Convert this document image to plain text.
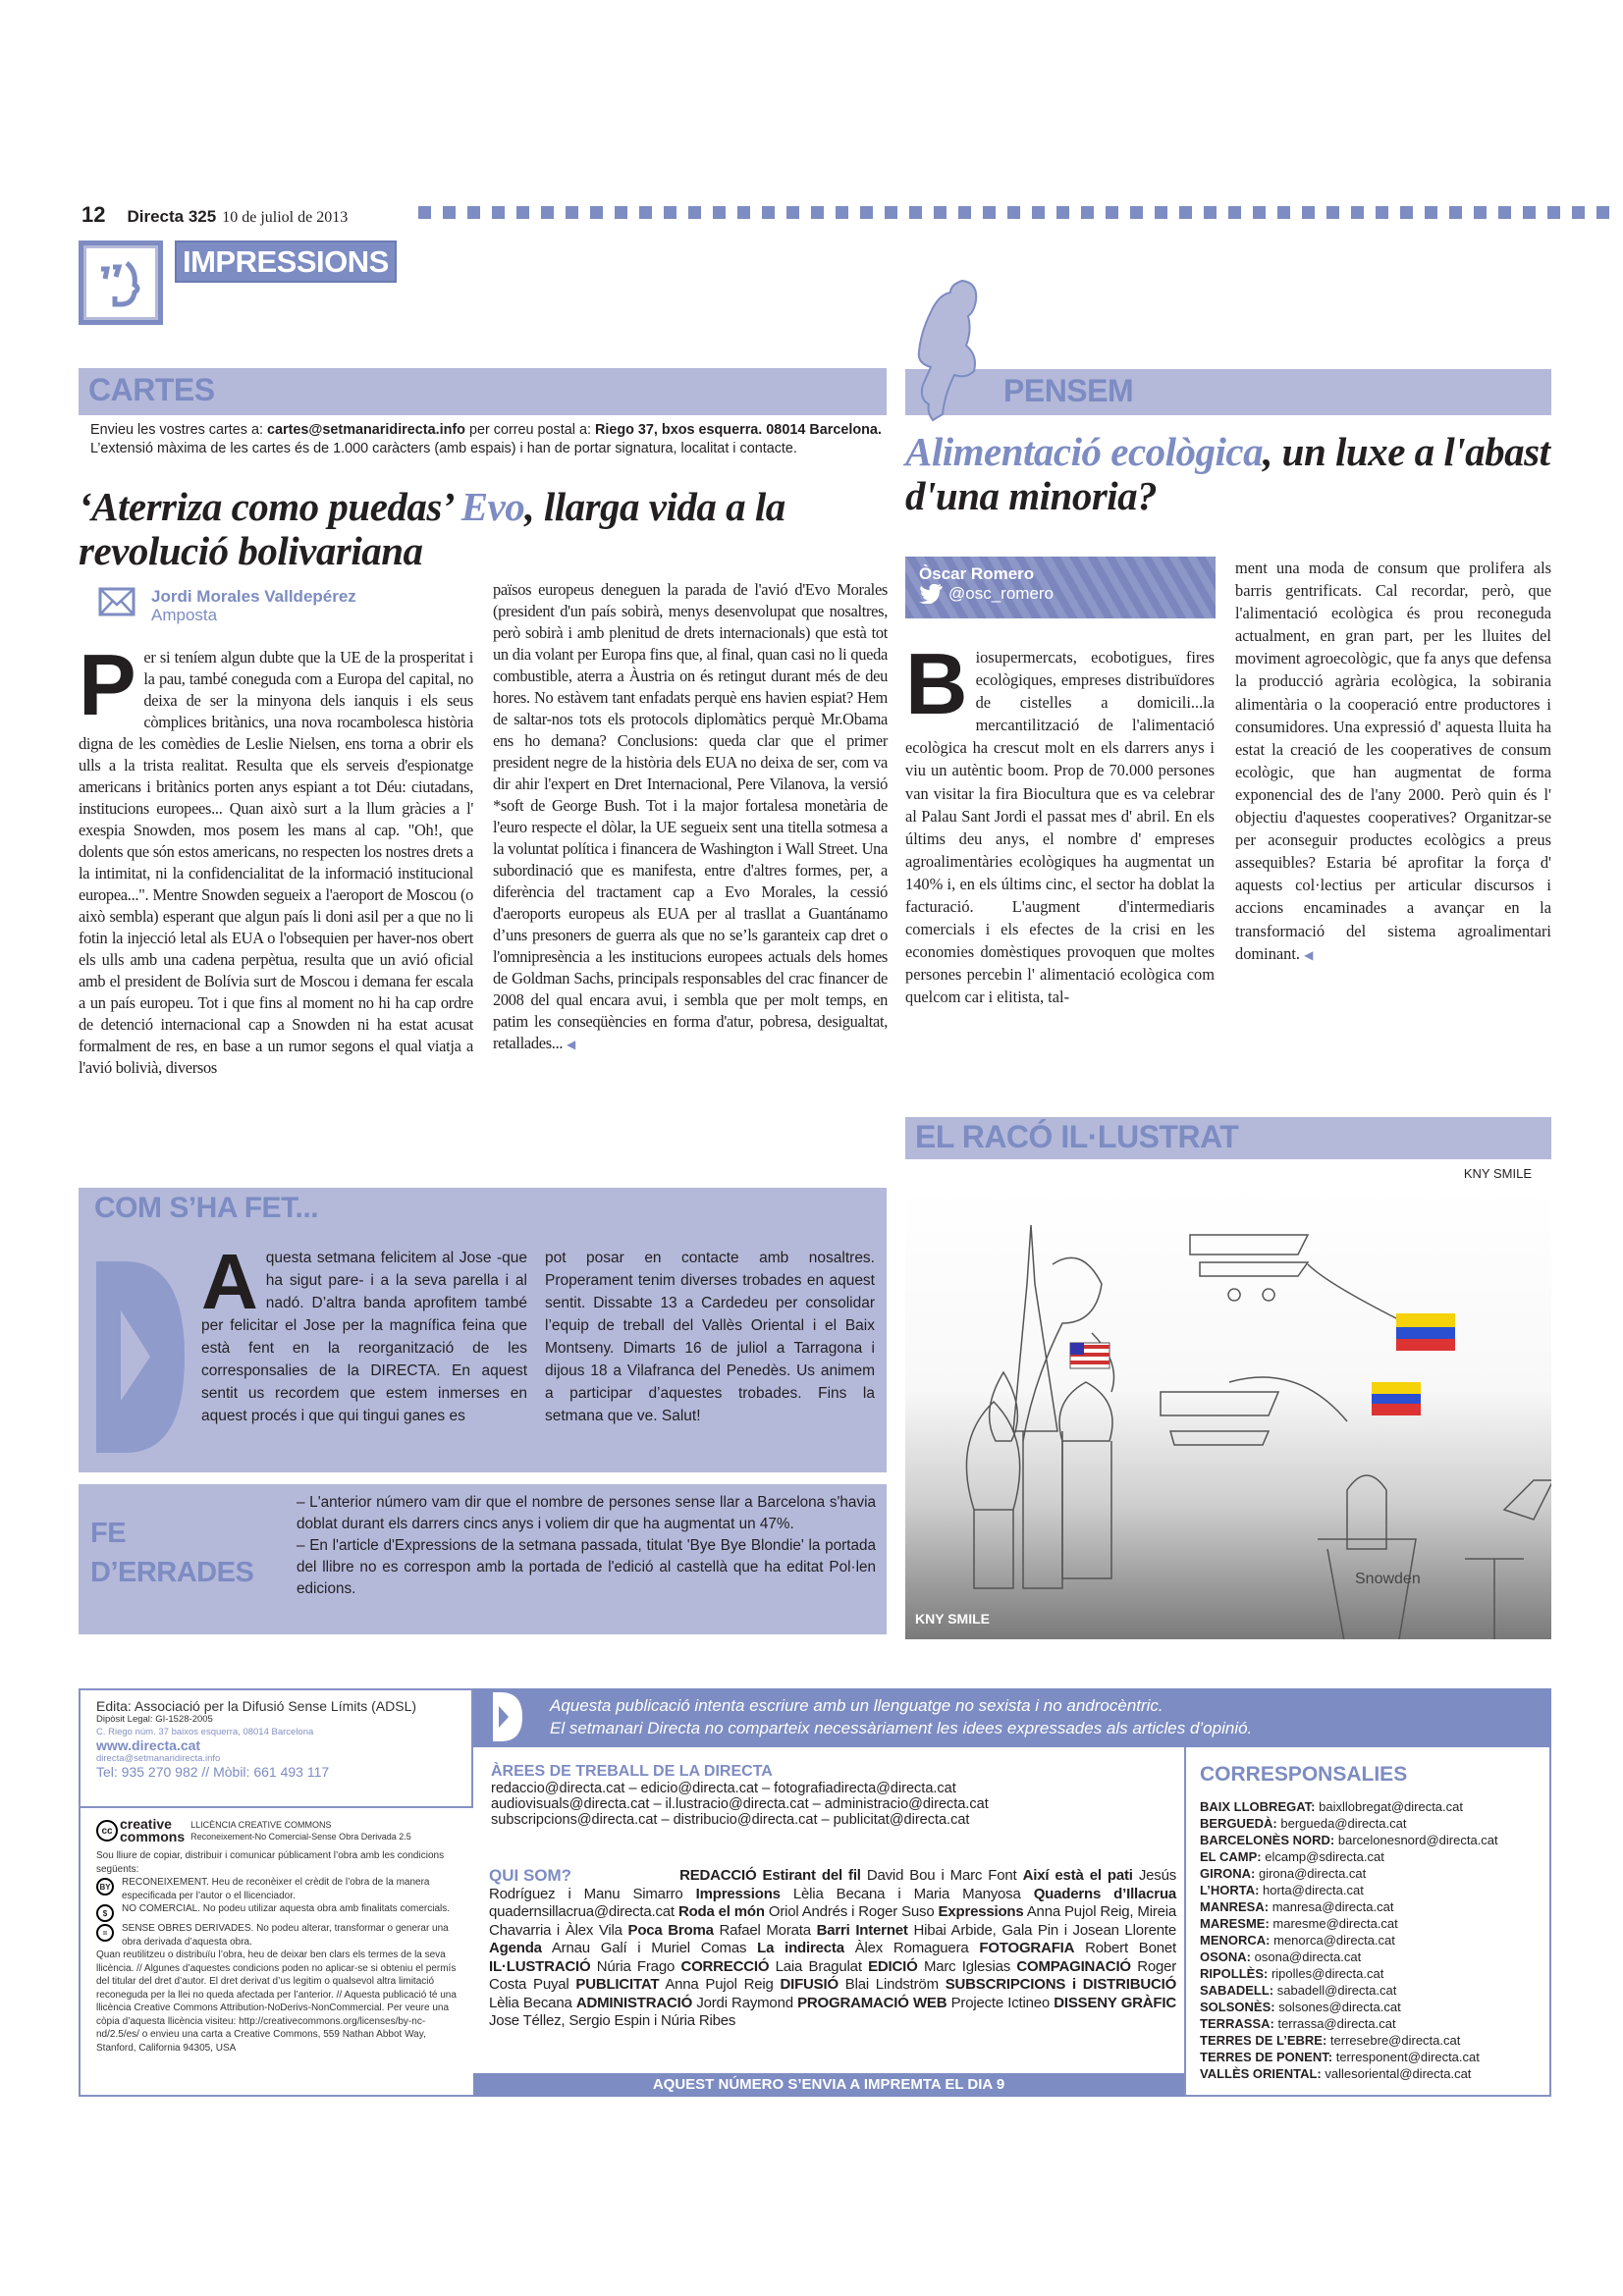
12 Directa 325 10 de juliol de 2013
IMPRESSIONS
CARTES
Envieu les vostres cartes a: cartes@setmanaridirecta.info per correu postal a: Riego 37, bxos esquerra. 08014 Barcelona. L’extensió màxima de les cartes és de 1.000 caràcters (amb espais) i han de portar signatura, localitat i contacte.
‘Aterriza como puedas’ Evo, llarga vida a la revolució bolivariana
Jordi Morales Valldepérez
Amposta
Per si teníem algun dubte que la UE de la prosperitat i la pau, també coneguda com a Europa del capital, no deixa de ser la minyona dels ianquis i els seus còmplices britànics, una nova rocambolesca història digna de les comèdies de Leslie Nielsen, ens torna a obrir els ulls a la trista realitat. Resulta que els serveis d'espionatge americans i britànics porten anys espiant a tot Déu: ciutadans, institucions europees... Quan això surt a la llum gràcies a l' exespia Snowden, mos posem les mans al cap. "Oh!, que dolents que són estos americans, no respecten los nostres drets a la intimitat, ni la confidencialitat de la informació institucional europea...". Mentre Snowden segueix a l'aeroport de Moscou (o això sembla) esperant que algun país li doni asil per a que no li fotin la injecció letal als EUA o l'obsequien per haver-nos obert els ulls amb una cadena perpètua, resulta que un avió oficial amb el president de Bolívia surt de Moscou i demana fer escala a un país europeu. Tot i que fins al moment no hi ha cap ordre de detenció internacional cap a Snowden ni ha estat acusat formalment de res, en base a un rumor segons el qual viatja a l'avió bolivià, diversos
països europeus deneguen la parada de l'avió d'Evo Morales (president d'un país sobirà, menys desenvolupat que nosaltres, però sobirà i amb plenitud de drets internacionals) que està tot un dia volant per Europa fins que, al final, quan casi no li queda combustible, aterra a Àustria on és retingut durant més de deu hores. No estàvem tant enfadats perquè ens havien espiat? Hem de saltar-nos tots els protocols diplomàtics perquè Mr.Obama ens ho demana? Conclusions: queda clar que el primer president negre de la història dels EUA no deixa de ser, com va dir ahir l'expert en Dret Internacional, Pere Vilanova, la versió *soft de George Bush. Tot i la major fortalesa monetària de l'euro respecte el dòlar, la UE segueix sent una titella sotmesa a la voluntat política i financera de Washington i Wall Street. Una subordinació que es manifesta, entre d'altres formes, per, a diferència del tractament cap a Evo Morales, la cessió d'aeroports europeus als EUA per al trasllat a Guantánamo d’uns presoners de guerra als que no se’ls garanteix cap dret o l'omnipresència a les institucions europees actuals dels homes de Goldman Sachs, principals responsables del crac financer de 2008 del qual encara avui, i sembla que per molt temps, en patim les conseqüències en forma d'atur, pobresa, desigualtat, retallades... ◀
PENSEM
Alimentació ecològica, un luxe a l'abast d'una minoria?
Òscar Romero
@osc_romero
Biosupermercats, ecobotigues, fires ecològiques, empreses distribuïdores de cistelles a domicili...la mercantilització de l'alimentació ecològica ha crescut molt en els darrers anys i viu un autèntic boom. Prop de 70.000 persones van visitar la fira Biocultura que es va celebrar al Palau Sant Jordi el passat mes d' abril. En els últims deu anys, el nombre d' empreses agroalimentàries ecològiques ha augmentat un 140% i, en els últims cinc, el sector ha doblat la facturació. L'augment d'intermediaris comercials i els efectes de la crisi en les economies domèstiques provoquen que moltes persones percebin l' alimentació ecològica com quelcom car i elitista, tal-
ment una moda de consum que prolifera als barris gentrificats. Cal recordar, però, que l'alimentació ecològica és prou reconeguda actualment, en gran part, per les lluites del moviment agroecològic, que fa anys que defensa la producció agrària ecològica, la sobirania alimentària o la cooperació entre productores i consumidores. Una expressió d' aquesta lluita ha estat la creació de les cooperatives de consum ecològic, que han augmentat de forma exponencial des de l'any 2000. Però quin és l' objectiu d'aquestes cooperatives? Organitzar-se per aconseguir productes ecològics a preus assequibles? Estaria bé aprofitar la força d' aquests col·lectius per articular discursos i accions encaminades a avançar en la transformació del sistema agroalimentari dominant. ◀
EL RACÓ IL·LUSTRAT
KNY SMILE
Snowden
KNY SMILE
COM S’HA FET...
Aquesta setmana felicitem al Jose -que ha sigut pare- i a la seva parella i al nadó. D’altra banda aprofitem també per felicitar el Jose per la magnífica feina que està fent en la reorganització de les corresponsalies de la DIRECTA. En aquest sentit us recordem que estem inmerses en aquest procés i que qui tingui ganes es
pot posar en contacte amb nosaltres. Properament tenim diverses trobades en aquest sentit. Dissabte 13 a Cardedeu per consolidar l’equip de treball del Vallès Oriental i el Baix Montseny. Dimarts 16 de juliol a Tarragona i dijous 18 a Vilafranca del Penedès. Us animem a participar d’aquestes trobades. Fins la setmana que ve. Salut!
FE
D’ERRADES
– L'anterior número vam dir que el nombre de persones sense llar a Barcelona s'havia doblat durant els darrers cincs anys i voliem dir que ha augmentat un 47%.
– En l'article d'Expressions de la setmana passada, titulat 'Bye Bye Blondie' la portada del llibre no es correspon amb la portada de l'edició al castellà que ha editat Pol·len edicions.
Edita: Associació per la Difusió Sense Límits (ADSL)
Dipòsit Legal: GI-1528-2005
C. Riego núm. 37 baixos esquerra, 08014 Barcelona
www.directa.cat
directa@setmanaridirecta.info
Tel: 935 270 982 // Mòbil: 661 493 117
cc creative
commons
LLICÈNCIA CREATIVE COMMONS
Reconeixement-No Comercial-Sense Obra Derivada 2.5
Sou lliure de copiar, distribuir i comunicar públicament l’obra amb les condicions següents:
BY	RECONEIXEMENT. Heu de reconèixer el crèdit de l’obra de la manera especificada per l’autor o el llicenciador.
$	NO COMERCIAL. No podeu utilizar aquesta obra amb finalitats comercials.
=	SENSE OBRES DERIVADES. No podeu alterar, transformar o generar una obra derivada d’aquesta obra.
Quan reutilitzeu o distribuïu l’obra, heu de deixar ben clars els termes de la seva llicència. // Algunes d’aquestes condicions poden no aplicar-se si obteniu el permís del titular del dret d’autor. El dret derivat d’us legitim o qualsevol altra limitació reconeguda per la llei no queda afectada per l’anterior. // Aquesta publicació té una llicència Creative Commons Attribution-NoDerivs-NonCommercial. Per veure una còpia d’aquesta llicència visiteu: http://creativecommons.org/licenses/by-nc-nd/2.5/es/ o envieu una carta a Creative Commons, 559 Nathan Abbot Way, Stanford, California 94305, USA
Aquesta publicació intenta escriure amb un llenguatge no sexista i no androcèntric.
El setmanari Directa no comparteix necessàriament les idees expressades als articles d’opinió.
ÀREES DE TREBALL DE LA DIRECTA
redaccio@directa.cat – edicio@directa.cat – fotografiadirecta@directa.cat
audiovisuals@directa.cat – il.lustracio@directa.cat – administracio@directa.cat
subscripcions@directa.cat – distribucio@directa.cat – publicitat@directa.cat
QUI SOM?	REDACCIÓ Estirant del fil David Bou i Marc Font Així està el pati Jesús Rodríguez i Manu Simarro Impressions Lèlia Becana i Maria Manyosa Quaderns d’Illacrua quadernsillacrua@directa.cat Roda el món Oriol Andrés i Roger Suso Expressions Anna Pujol Reig, Mireia Chavarria i Àlex Vila Poca Broma Rafael Morata Barri Internet Hibai Arbide, Gala Pin i Josean Llorente Agenda Arnau Galí i Muriel Comas La indirecta Àlex Romaguera FOTOGRAFIA Robert Bonet IL·LUSTRACIÓ Núria Frago CORRECCIÓ Laia Bragulat EDICIÓ Marc Iglesias COMPAGINACIÓ Roger Costa Puyal PUBLICITAT Anna Pujol Reig DIFUSIÓ Blai Lindström SUBSCRIPCIONS i DISTRIBUCIÓ Lèlia Becana ADMINISTRACIÓ Jordi Raymond PROGRAMACIÓ WEB Projecte Ictineo DISSENY GRÀFIC Jose Téllez, Sergio Espin i Núria Ribes
AQUEST NÚMERO S’ENVIA A IMPREMTA EL DIA 9
CORRESPONSALIES
BAIX LLOBREGAT: baixllobregat@directa.cat
BERGUEDÀ: bergueda@directa.cat
BARCELONÈS NORD: barcelonesnord@directa.cat
EL CAMP: elcamp@sdirecta.cat
GIRONA: girona@directa.cat
L’HORTA: horta@directa.cat
MANRESA: manresa@directa.cat
MARESME: maresme@directa.cat
MENORCA: menorca@directa.cat
OSONA: osona@directa.cat
RIPOLLÈS: ripolles@directa.cat
SABADELL: sabadell@directa.cat
SOLSONÈS: solsones@directa.cat
TERRASSA: terrassa@directa.cat
TERRES DE L’EBRE: terresebre@directa.cat
TERRES DE PONENT: terresponent@directa.cat
VALLÈS ORIENTAL: vallesoriental@directa.cat
